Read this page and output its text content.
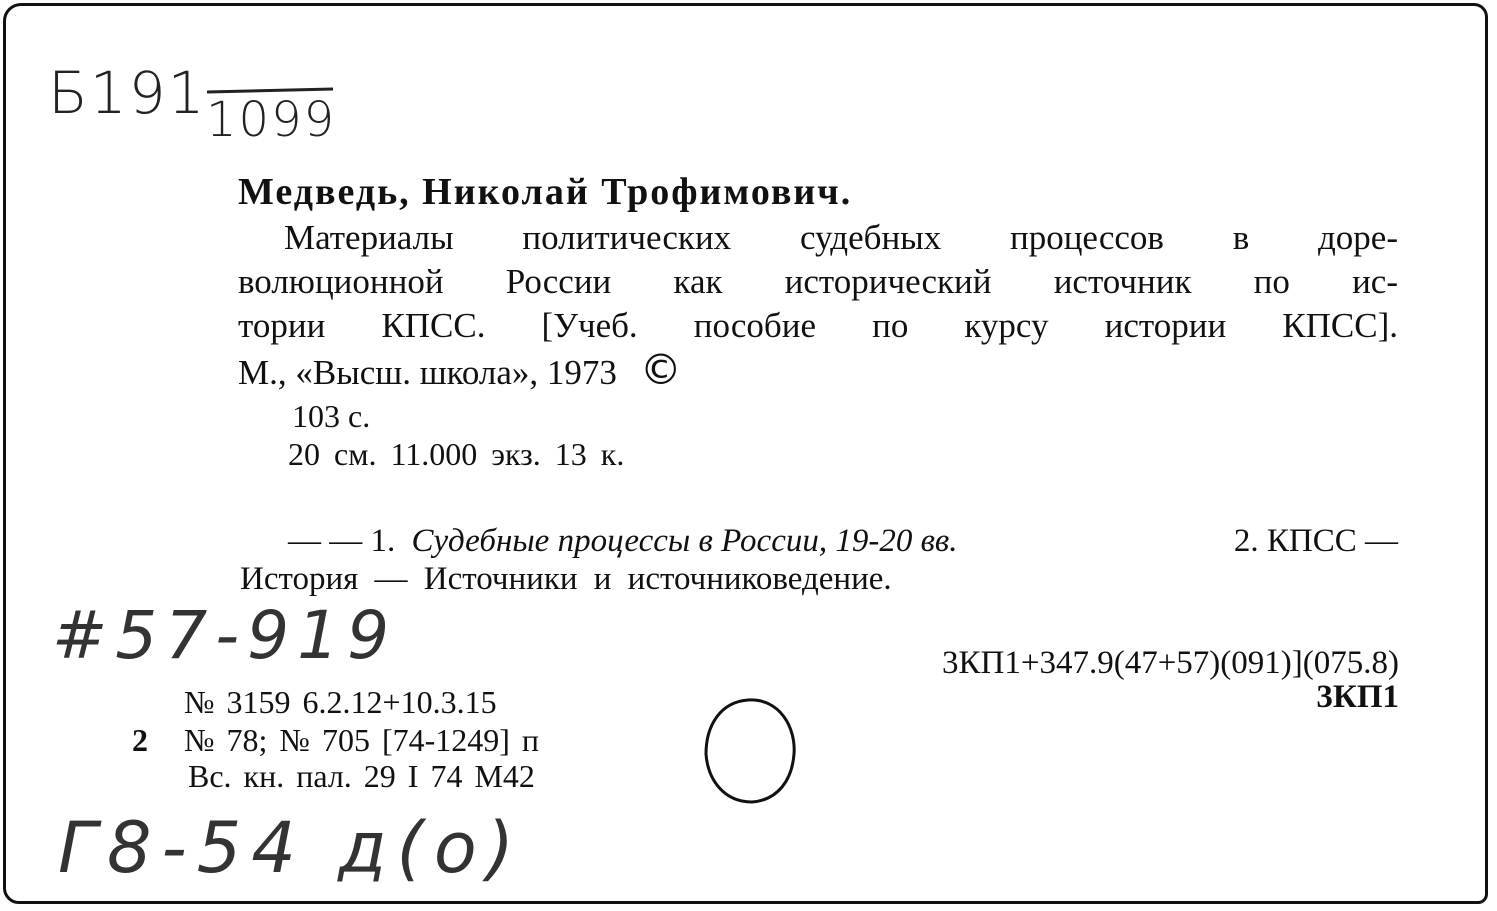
Б191 1099
Медведь, Николай Трофимович.
Материалы политических судебных процессов в доре-
волюционной России как исторический источник по ис-
тории КПСС. [Учеб. пособие по курсу истории КПСС].
М., «Высш. школа», 1973 ©
103 с.
20 см. 11.000 экз. 13 к.
— — 1. Судебные процессы в России, 19-20 вв.	2. КПСС —
История — Источники и источниковедение.
#57-919
Г8-54 д(о)
3КП1+347.9(47+57)(091)](075.8)
3КП1
№ 3159 6.2.12+10.3.15
2 № 78; № 705 [74-1249] п
Вс. кн. пал. 29 I 74 М42
